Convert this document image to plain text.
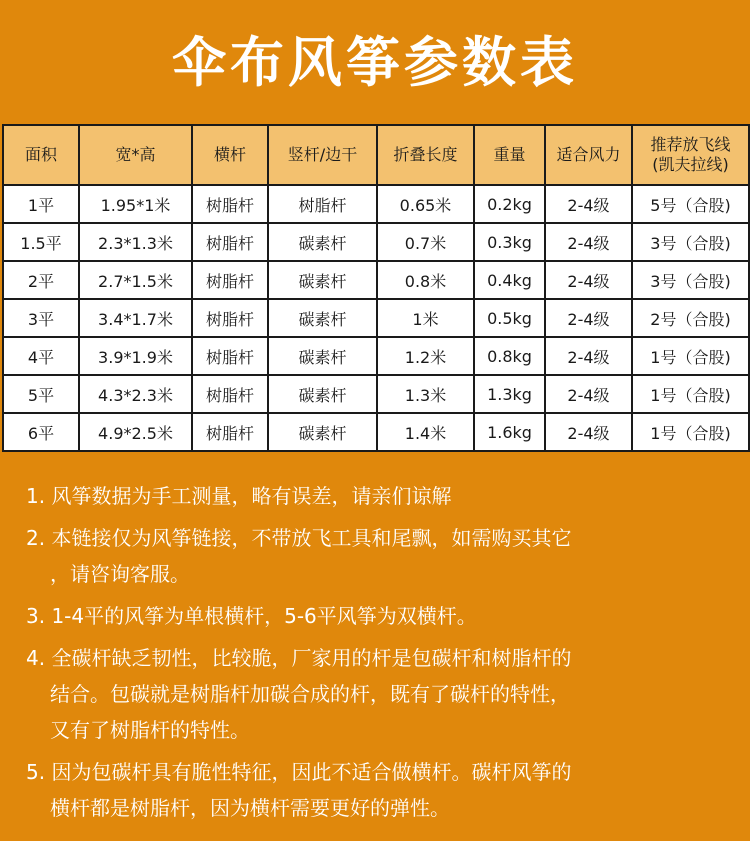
伞布风筝参数表
面积	宽*高	横杆	竖杆/边干	折叠长度	重量	适合风力	推荐放飞线
(凯夫拉线)
1平	1.95*1米	树脂杆	树脂杆	0.65米	0.2kg	2-4级	5号（合股)
1.5平	2.3*1.3米	树脂杆	碳素杆	0.7米	0.3kg	2-4级	3号（合股)
2平	2.7*1.5米	树脂杆	碳素杆	0.8米	0.4kg	2-4级	3号（合股)
3平	3.4*1.7米	树脂杆	碳素杆	1米	0.5kg	2-4级	2号（合股)
4平	3.9*1.9米	树脂杆	碳素杆	1.2米	0.8kg	2-4级	1号（合股)
5平	4.3*2.3米	树脂杆	碳素杆	1.3米	1.3kg	2-4级	1号（合股)
6平	4.9*2.5米	树脂杆	碳素杆	1.4米	1.6kg	2-4级	1号（合股)
1. 风筝数据为手工测量，略有误差，请亲们谅解
2. 本链接仅为风筝链接，不带放飞工具和尾飘，如需购买其它
，请咨询客服。
3. 1-4平的风筝为单根横杆，5-6平风筝为双横杆。
4. 全碳杆缺乏韧性，比较脆，厂家用的杆是包碳杆和树脂杆的
结合。包碳就是树脂杆加碳合成的杆，既有了碳杆的特性，
又有了树脂杆的特性。
5. 因为包碳杆具有脆性特征，因此不适合做横杆。碳杆风筝的
横杆都是树脂杆，因为横杆需要更好的弹性。
